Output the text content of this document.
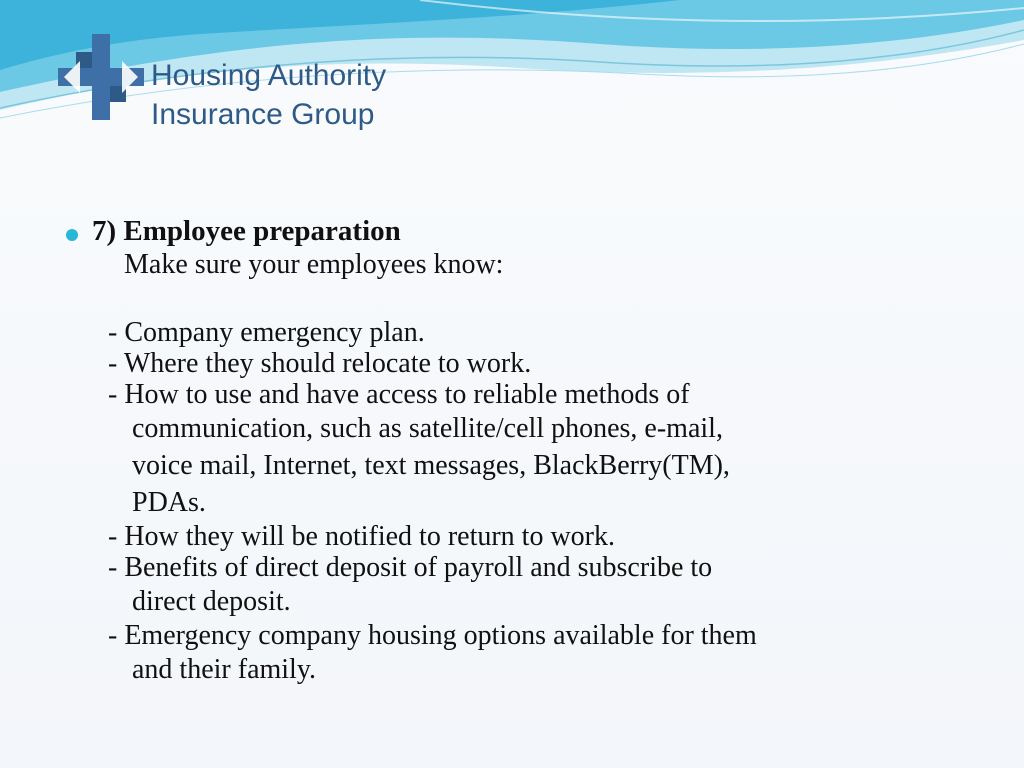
Housing Authority
Insurance Group
7) Employee preparation
Make sure your employees know:
- Company emergency plan.
- Where they should relocate to work.
- How to use and have access to reliable methods of
communication, such as satellite/cell phones, e-mail,
voice mail, Internet, text messages, BlackBerry(TM),
PDAs.
- How they will be notified to return to work.
- Benefits of direct deposit of payroll and subscribe to
direct deposit.
- Emergency company housing options available for them
and their family.
